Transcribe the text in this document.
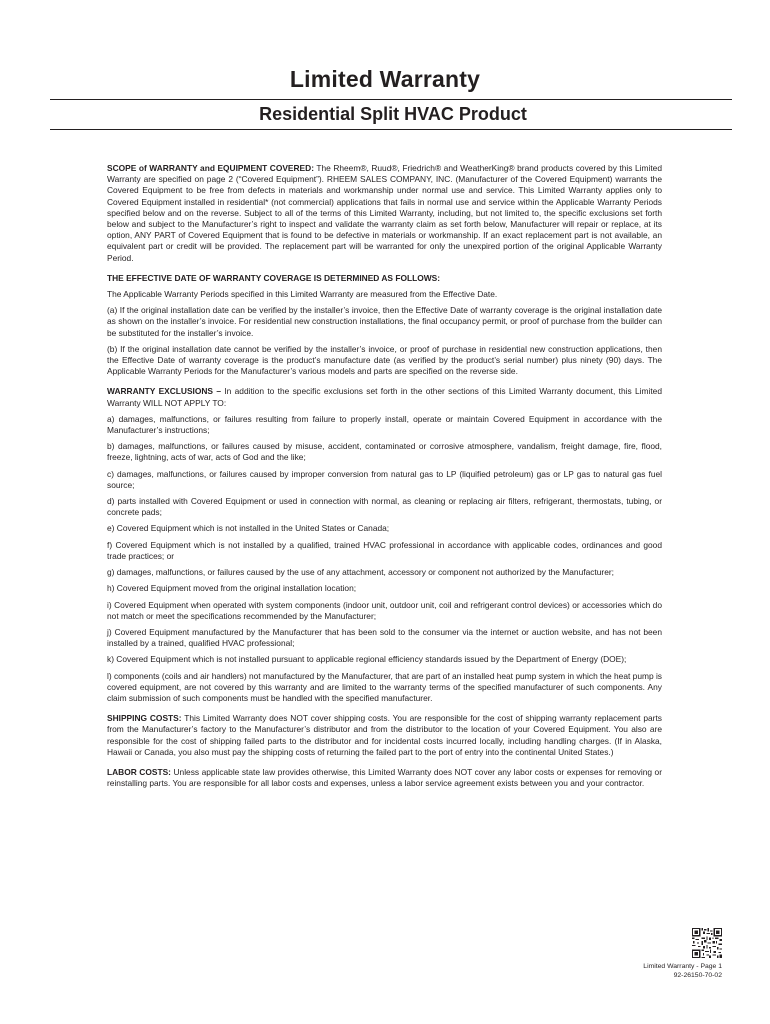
Limited Warranty
Residential Split HVAC Product

SCOPE of WARRANTY and EQUIPMENT COVERED: The Rheem®, Ruud®, Friedrich® and WeatherKing® brand products covered by this Limited Warranty are specified on page 2 (“Covered Equipment”). RHEEM SALES COMPANY, INC. (Manufacturer of the Covered Equipment) warrants the Covered Equipment to be free from defects in materials and workmanship under normal use and service. This Limited Warranty applies only to Covered Equipment installed in residential* (not commercial) applications that fails in normal use and service within the Applicable Warranty Periods specified below and on the reverse. Subject to all of the terms of this Limited Warranty, including, but not limited to, the specific exclusions set forth below and subject to the Manufacturer’s right to inspect and validate the warranty claim as set forth below, Manufacturer will repair or replace, at its option, ANY PART of Covered Equipment that is found to be defective in materials or workmanship. If an exact replacement part is not available, an equivalent part or credit will be provided. The replacement part will be warranted for only the unexpired portion of the original Applicable Warranty Period.

THE EFFECTIVE DATE OF WARRANTY COVERAGE IS DETERMINED AS FOLLOWS:

The Applicable Warranty Periods specified in this Limited Warranty are measured from the Effective Date.

(a) If the original installation date can be verified by the installer’s invoice, then the Effective Date of warranty coverage is the original installation date as shown on the installer’s invoice. For residential new construction installations, the final occupancy permit, or proof of purchase from the builder can be substituted for the installer’s invoice.

(b) If the original installation date cannot be verified by the installer’s invoice, or proof of purchase in residential new construction applications, then the Effective Date of warranty coverage is the product’s manufacture date (as verified by the product’s serial number) plus ninety (90) days. The Applicable Warranty Periods for the Manufacturer’s various models and parts are specified on the reverse side.

WARRANTY EXCLUSIONS – In addition to the specific exclusions set forth in the other sections of this Limited Warranty document, this Limited Warranty WILL NOT APPLY TO:

a) damages, malfunctions, or failures resulting from failure to properly install, operate or maintain Covered Equipment in accordance with the Manufacturer’s instructions;

b) damages, malfunctions, or failures caused by misuse, accident, contaminated or corrosive atmosphere, vandalism, freight damage, fire, flood, freeze, lightning, acts of war, acts of God and the like;

c) damages, malfunctions, or failures caused by improper conversion from natural gas to LP (liquified petroleum) gas or LP gas to natural gas fuel source;

d) parts installed with Covered Equipment or used in connection with normal, as cleaning or replacing air filters, refrigerant, thermostats, tubing, or concrete pads;

e) Covered Equipment which is not installed in the United States or Canada;

f) Covered Equipment which is not installed by a qualified, trained HVAC professional in accordance with applicable codes, ordinances and good trade practices; or

g) damages, malfunctions, or failures caused by the use of any attachment, accessory or component not authorized by the Manufacturer;

h) Covered Equipment moved from the original installation location;

i) Covered Equipment when operated with system components (indoor unit, outdoor unit, coil and refrigerant control devices) or accessories which do not match or meet the specifications recommended by the Manufacturer;

j) Covered Equipment manufactured by the Manufacturer that has been sold to the consumer via the internet or auction website, and has not been installed by a trained, qualified HVAC professional;

k) Covered Equipment which is not installed pursuant to applicable regional efficiency standards issued by the Department of Energy (DOE);

l) components (coils and air handlers) not manufactured by the Manufacturer, that are part of an installed heat pump system in which the heat pump is covered equipment, are not covered by this warranty and are limited to the warranty terms of the specified manufacturer of such components. Any claim submission of such components must be handled with the specified manufacturer.

SHIPPING COSTS: This Limited Warranty does NOT cover shipping costs. You are responsible for the cost of shipping warranty replacement parts from the Manufacturer’s factory to the Manufacturer’s distributor and from the distributor to the location of your Covered Equipment. You also are responsible for the cost of shipping failed parts to the distributor and for incidental costs incurred locally, including handling charges. (If in Alaska, Hawaii or Canada, you also must pay the shipping costs of returning the failed part to the port of entry into the continental United States.)

LABOR COSTS: Unless applicable state law provides otherwise, this Limited Warranty does NOT cover any labor costs or expenses for removing or reinstalling parts. You are responsible for all labor costs and expenses, unless a labor service agreement exists between you and your contractor.

Limited Warranty - Page 1
92-26150-70-02
